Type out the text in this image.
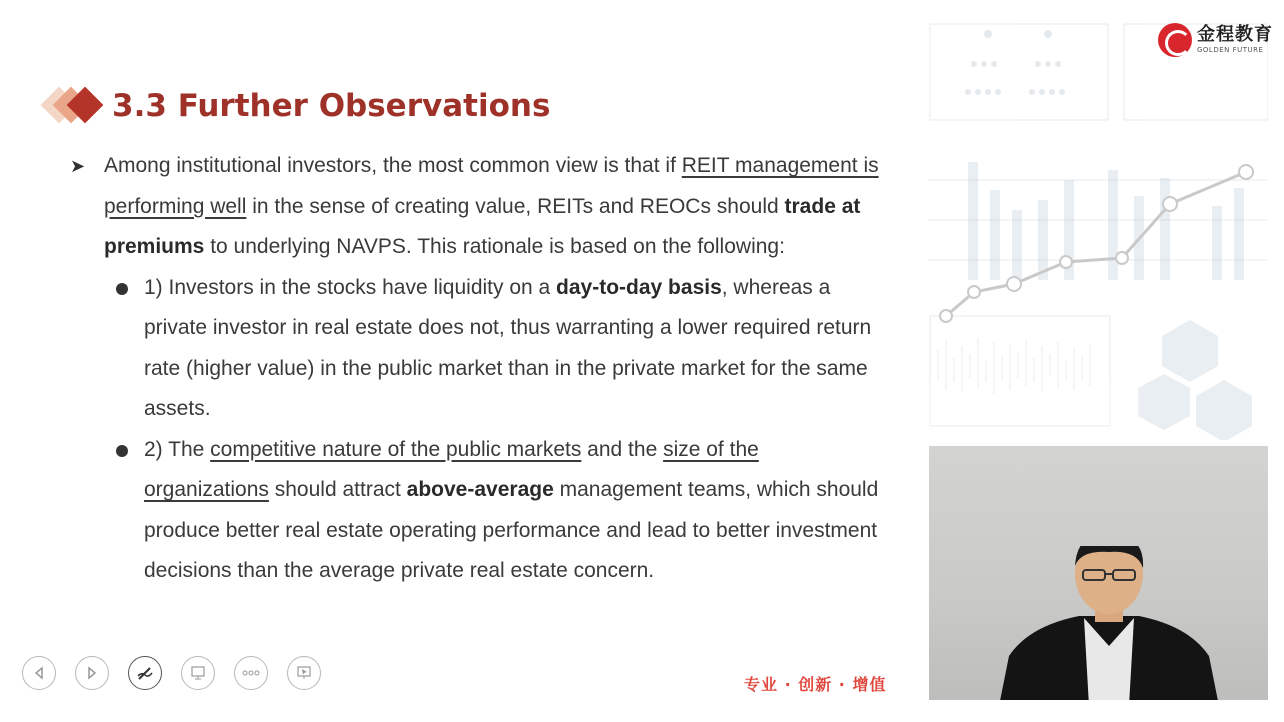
金程教育
GOLDEN FUTURE
3.3 Further Observations
➤ Among institutional investors, the most common view is that if REIT management is performing well in the sense of creating value, REITs and REOCs should trade at premiums to underlying NAVPS. This rationale is based on the following:
1) Investors in the stocks have liquidity on a day-to-day basis, whereas a private investor in real estate does not, thus warranting a lower required return rate (higher value) in the public market than in the private market for the same assets.
2) The competitive nature of the public markets and the size of the organizations should attract above-average management teams, which should produce better real estate operating performance and lead to better investment decisions than the average private real estate concern.
专业 · 创新 · 增值
